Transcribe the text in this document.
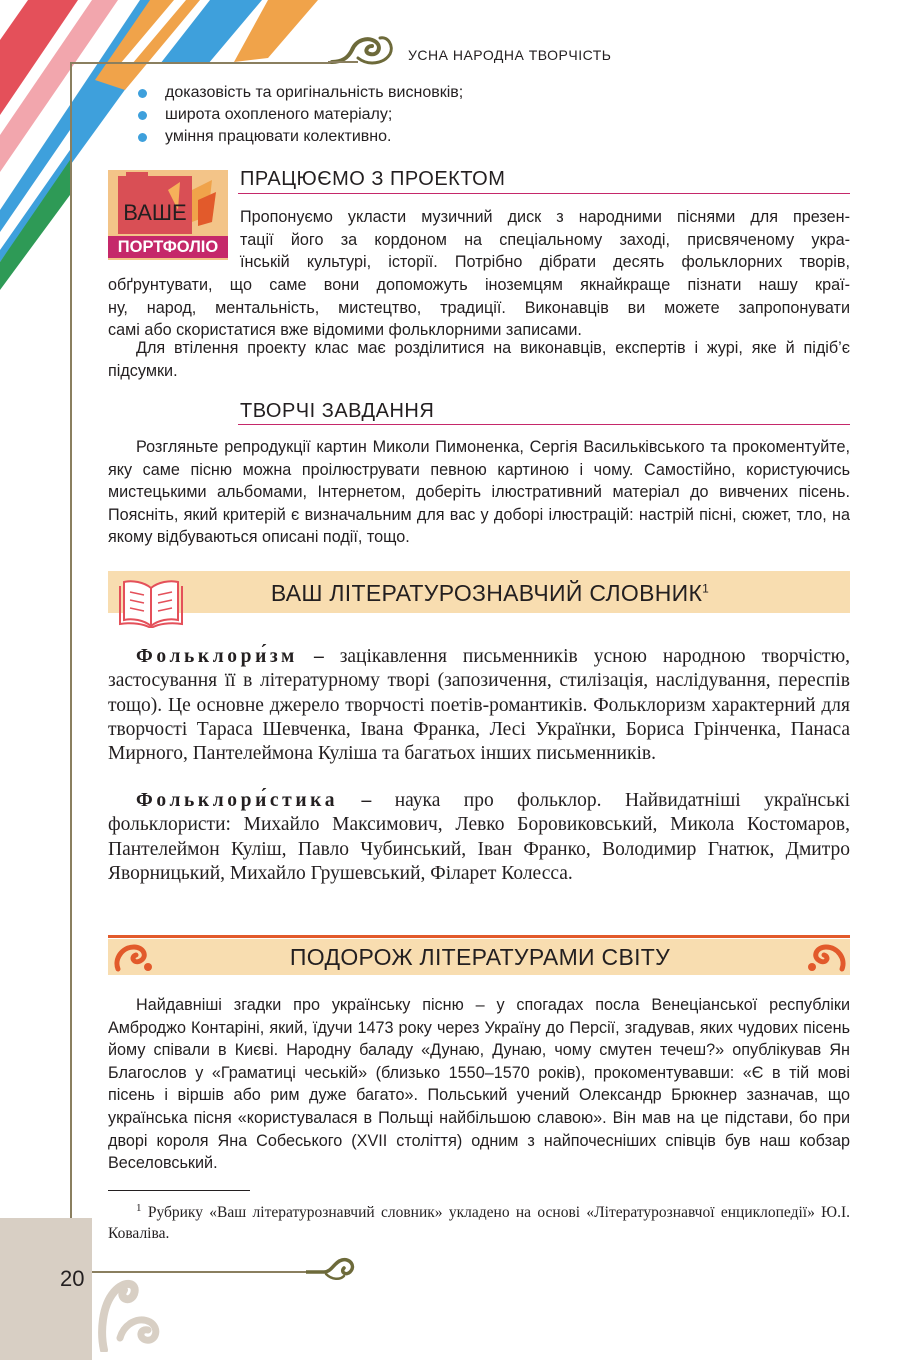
УСНА НАРОДНА ТВОРЧІСТЬ
доказовість та оригінальність висновків;
широта охопленого матеріалу;
уміння працювати колективно.
ВАШЕ
ПОРТФОЛІО
ПРАЦЮЄМО З ПРОЕКТОМ
Пропонуємо укласти музичний диск з народними піснями для презен-
тації його за кордоном на спеціальному заході, присвяченому укра-
їнській культурі, історії. Потрібно дібрати десять фольклорних творів,
обґрунтувати, що саме вони допоможуть іноземцям якнайкраще пізнати нашу краї-
ну, народ, ментальність, мистецтво, традиції. Виконавців ви можете запропонувати
самі або скористатися вже відомими фольклорними записами.
Для втілення проекту клас має розділитися на виконавців, експертів і журі, яке й підіб’є підсумки.
ТВОРЧІ ЗАВДАННЯ
Розгляньте репродукції картин Миколи Пимоненка, Сергія Васильківського та прокоментуйте, яку саме пісню можна проілюструвати певною картиною і чому. Самостійно, користуючись мистецькими альбомами, Інтернетом, доберіть ілюстративний матеріал до вивчених пісень. Поясніть, який критерій є визначальним для вас у доборі ілюстрацій: настрій пісні, сюжет, тло, на якому відбуваються описані події, тощо.
ВАШ ЛІТЕРАТУРОЗНАВЧИЙ СЛОВНИК$^1$
Фольклори́зм – зацікавлення письменників усною народною творчістю, застосування її в літературному творі (запозичення, стилізація, наслідування, переспів тощо). Це основне джерело творчості поетів-романтиків. Фольклоризм характерний для творчості Тараса Шевченка, Івана Франка, Лесі Українки, Бориса Грінченка, Панаса Мирного, Пантелеймона Куліша та багатьох інших письменників.
Фольклори́стика – наука про фольклор. Найвидатніші українські фольклористи: Михайло Максимович, Левко Боровиковський, Микола Костомаров, Пантелеймон Куліш, Павло Чубинський, Іван Франко, Володимир Гнатюк, Дмитро Яворницький, Михайло Грушевський, Філарет Колесса.
ПОДОРОЖ ЛІТЕРАТУРАМИ СВІТУ
Найдавніші згадки про українську пісню – у спогадах посла Венеціанської республіки Амброджо Контаріні, який, їдучи 1473 року через Україну до Персії, згадував, яких чудових пісень йому співали в Києві. Народну баладу «Дунаю, Дунаю, чому смутен течеш?» опублікував Ян Благослов у «Граматиці чеській» (близько 1550–1570 років), прокоментувавши: «Є в тій мові пісень і віршів або рим дуже багато». Польський учений Олександр Брюкнер зазначав, що українська пісня «користувалася в Польщі найбільшою славою». Він мав на це підстави, бо при дворі короля Яна Собеського (XVII століття) одним з найпочесніших співців був наш кобзар Веселовський.
$^1$ Рубрику «Ваш літературознавчий словник» укладено на основі «Літературознавчої енциклопедії» Ю.І. Коваліва.
20
